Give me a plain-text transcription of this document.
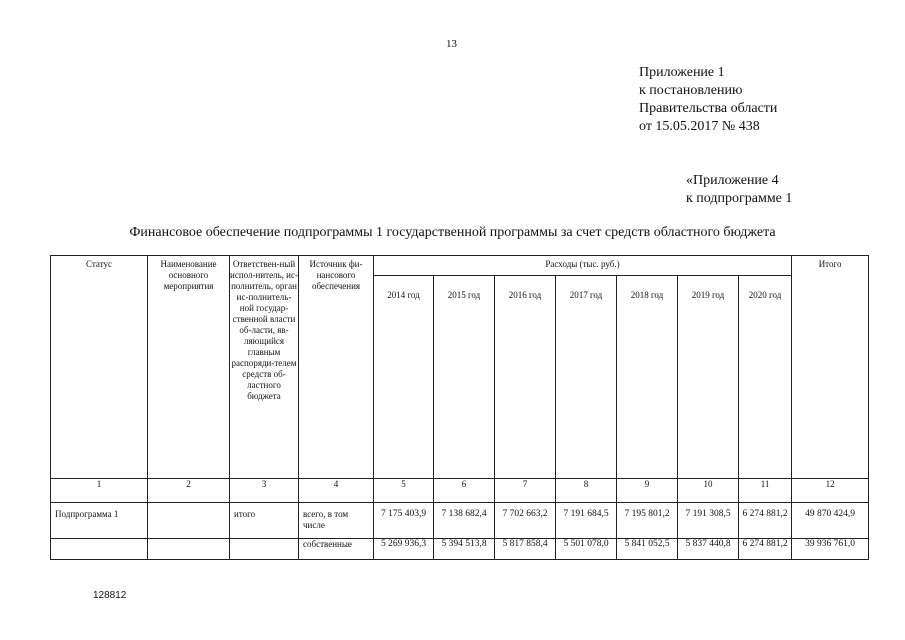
13
Приложение 1
к постановлению
Правительства области
от 15.05.2017 № 438
«Приложение 4
к подпрограмме 1
Финансовое обеспечение подпрограммы 1 государственной программы за счет средств областного бюджета
Статус	Наименование основного мероприятия	Ответствен-ный испол-нитель, ис-полнитель, орган ис-полнитель-ной государ-ственной власти об-ласти, яв-ляющийся главным распоряди-телем средств об-ластного бюджета	Источник фи-нансового обеспечения	Расходы (тыс. руб.)							Итого
				2014 год	2015 год	2016 год	2017 год	2018 год	2019 год	2020 год	
1	2	3	4	5	6	7	8	9	10	11	12
Подпрограмма 1		итого	всего, в том числе	7 175 403,9	7 138 682,4	7 702 663,2	7 191 684,5	7 195 801,2	7 191 308,5	6 274 881,2	49 870 424,9
			собственные	5 269 936,3	5 394 513,8	5 817 858,4	5 501 078,0	5 841 052,5	5 837 440,8	6 274 881,2	39 936 761,0
128812
